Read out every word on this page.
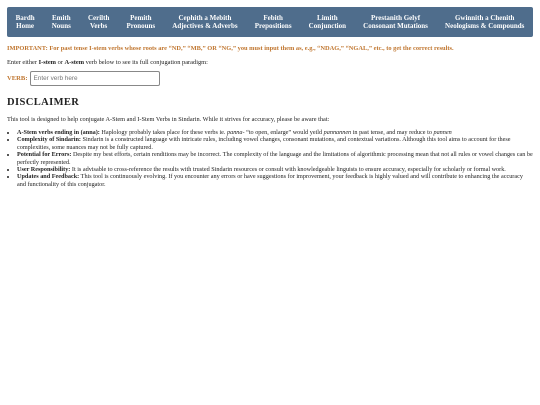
Bardh
Home
Emith
Nouns
Cerilth
Verbs
Pemith
Pronouns
Cephith a Mebith
Adjectives & Adverbs
Febith
Prepositions
Limith
Conjunction
Prestanith Gelyf
Consonant Mutations
Gwinnith a Chenith
Neologisms & Compounds

IMPORTANT: For past tense I-stem verbs whose roots are “ND,” “MB,” OR “NG,” you must input them as, e.g., “NDAG,” “NGAL,” etc., to get the correct results.

Enter either I-stem or A-stem verb below to see its full conjugation paradigm:

VERB:
Enter verb here
DISCLAIMER

This tool is designed to help conjugate A-Stem and I-Stem Verbs in Sindarin. While it strives for accuracy, please be aware that:

• A-Stem verbs ending in (anna): Haplology probably takes place for these verbs ie. panna- “to open, enlarge” would yeild pannannen in past tense, and may reduce to pannen
• Complexity of Sindarin: Sindarin is a constructed language with intricate rules, including vowel changes, consonant mutations, and contextual variations. Although this tool aims to account for these complexities, some nuances may not be fully captured.
• Potential for Errors: Despite my best efforts, certain renditions may be incorrect. The complexity of the language and the limitations of algorithmic processing mean that not all rules or vowel changes can be perfectly represented.
• User Responsibility: It is advisable to cross-reference the results with trusted Sindarin resources or consult with knowledgeable linguists to ensure accuracy, especially for scholarly or formal work.
• Updates and Feedback: This tool is continuously evolving. If you encounter any errors or have suggestions for improvement, your feedback is highly valued and will contribute to enhancing the accuracy and functionality of this conjugator.
